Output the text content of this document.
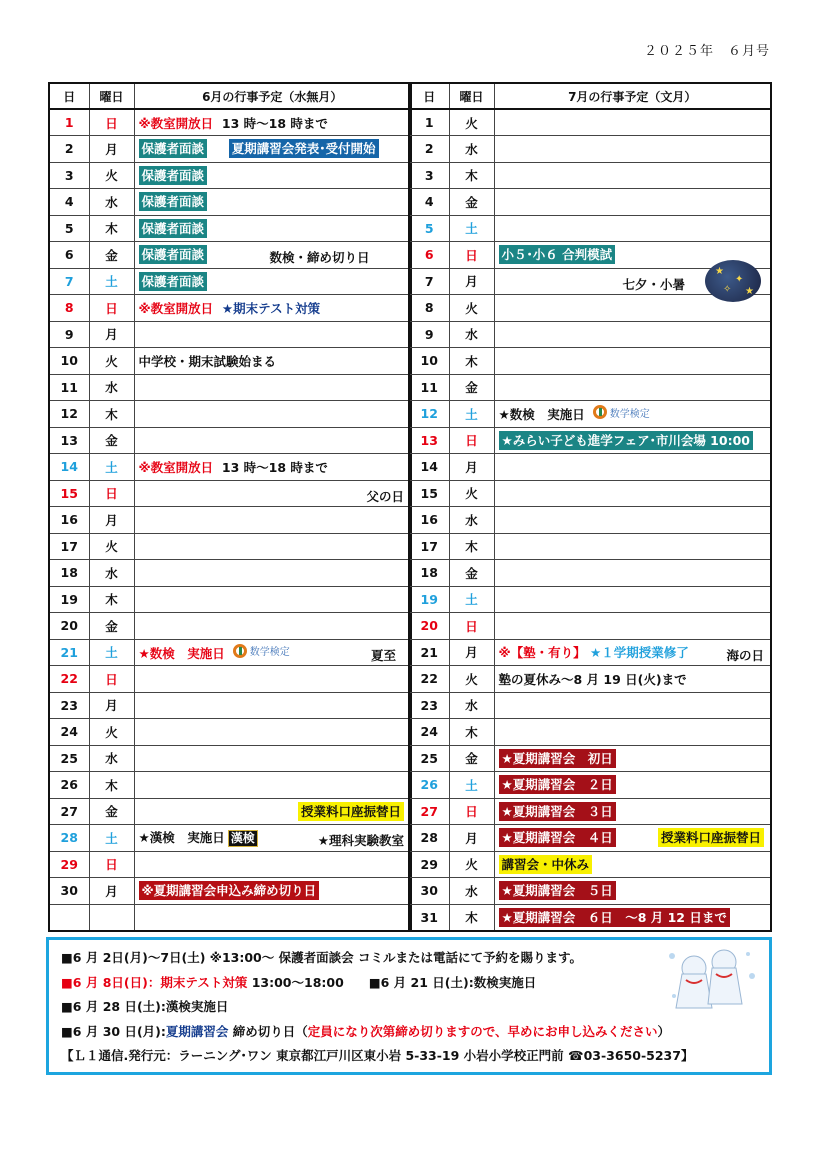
２０２５年　６月号
日	曜日	6月の行事予定（水無月）
1	日	※教室開放日 13 時～18 時まで
2	月	保護者面談 夏期講習会発表･受付開始
3	火	保護者面談
4	水	保護者面談
5	木	保護者面談
6	金	保護者面談 数検・締め切り日

7	土	保護者面談
8	日	※教室開放日 ★期末テスト対策
9	月	
10	火	中学校・期末試験始まる
11	水	
12	木	
13	金	
14	土	※教室開放日 13 時～18 時まで
15	日	父の日

16	月	
17	火	
18	水	
19	木	
20	金	
21	土	★数検　実施日 数学検定 夏至

22	日	
23	月	
24	火	
25	水	
26	木	
27	金	授業料口座振替日

28	土	★漢検　実施日 漢検 ★理科実験教室

29	日	
30	月	※夏期講習会申込み締め切り日

日	曜日	7月の行事予定（文月）
1	火	
2	水	
3	木	
4	金	
5	土	
6	日	小５･小６ 合判模試
7	月	七夕・小暑

8	火	
9	水	
10	木	
11	金	
12	土	★数検　実施日 数学検定

13	日	★みらい子ども進学フェア･市川会場 10:00
14	月	
15	火	
16	水	
17	木	
18	金	
19	土	
20	日	
21	月	※【塾・有り】 ★１学期授業修了 海の日

22	火	塾の夏休み～8 月 19 日(火)まで
23	水	
24	木	
25	金	★夏期講習会　初日
26	土	★夏期講習会　２日
27	日	★夏期講習会　３日
28	月	★夏期講習会　４日 授業料口座振替日

29	火	講習会・中休み
30	水	★夏期講習会　５日
31	木	★夏期講習会　６日　～8 月 12 日まで
★
✦
★
✧
■6 月 2日(月)～7日(土) ※13:00～ 保護者面談会 コミルまたは電話にて予約を賜ります。
■6 月 8日(日)：期末テスト対策 13:00～18:00　　 ■6 月 21 日(土):数検実施日
■6 月 28 日(土):漢検実施日
■6 月 30 日(月):夏期講習会 締め切り日（定員になり次第締め切りますので、早めにお申し込みください）
【Ｌ１通信.発行元：ラーニング･ワン 東京都江戸川区東小岩 5-33-19 小岩小学校正門前 ☎03-3650-5237】
